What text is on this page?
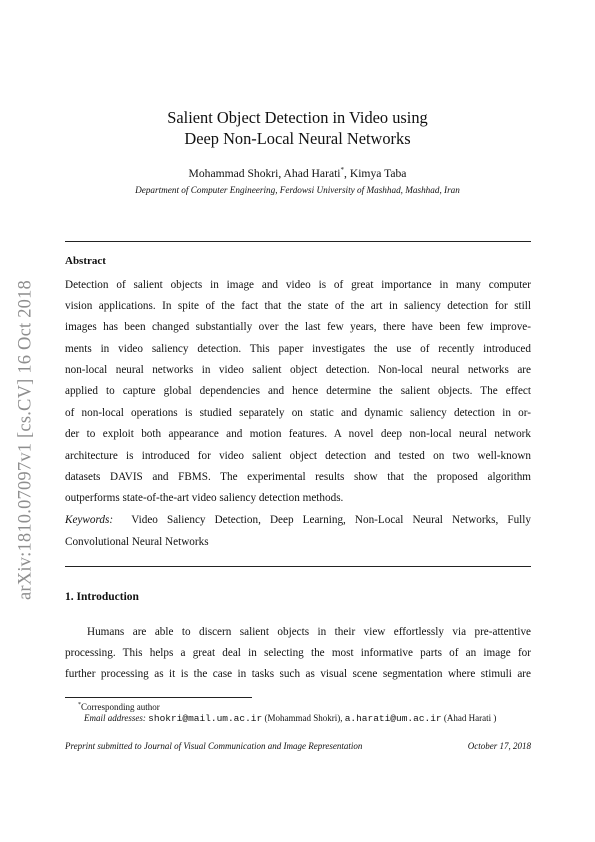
arXiv:1810.07097v1 [cs.CV] 16 Oct 2018
Salient Object Detection in Video using
Deep Non-Local Neural Networks
Mohammad Shokri, Ahad Harati*, Kimya Taba
Department of Computer Engineering, Ferdowsi University of Mashhad, Mashhad, Iran
Abstract
Detection of salient objects in image and video is of great importance in many computer
vision applications. In spite of the fact that the state of the art in saliency detection for still
images has been changed substantially over the last few years, there have been few improve-
ments in video saliency detection. This paper investigates the use of recently introduced
non-local neural networks in video salient object detection. Non-local neural networks are
applied to capture global dependencies and hence determine the salient objects. The effect
of non-local operations is studied separately on static and dynamic saliency detection in or-
der to exploit both appearance and motion features. A novel deep non-local neural network
architecture is introduced for video salient object detection and tested on two well-known
datasets DAVIS and FBMS. The experimental results show that the proposed algorithm
outperforms state-of-the-art video saliency detection methods.
Keywords: Video Saliency Detection, Deep Learning, Non-Local Neural Networks, Fully
Convolutional Neural Networks
1. Introduction
Humans are able to discern salient objects in their view effortlessly via pre-attentive
processing. This helps a great deal in selecting the most informative parts of an image for
further processing as it is the case in tasks such as visual scene segmentation where stimuli are
*Corresponding author
Email addresses: shokri@mail.um.ac.ir (Mohammad Shokri), a.harati@um.ac.ir (Ahad Harati )
Preprint submitted to Journal of Visual Communication and Image Representation	October 17, 2018
